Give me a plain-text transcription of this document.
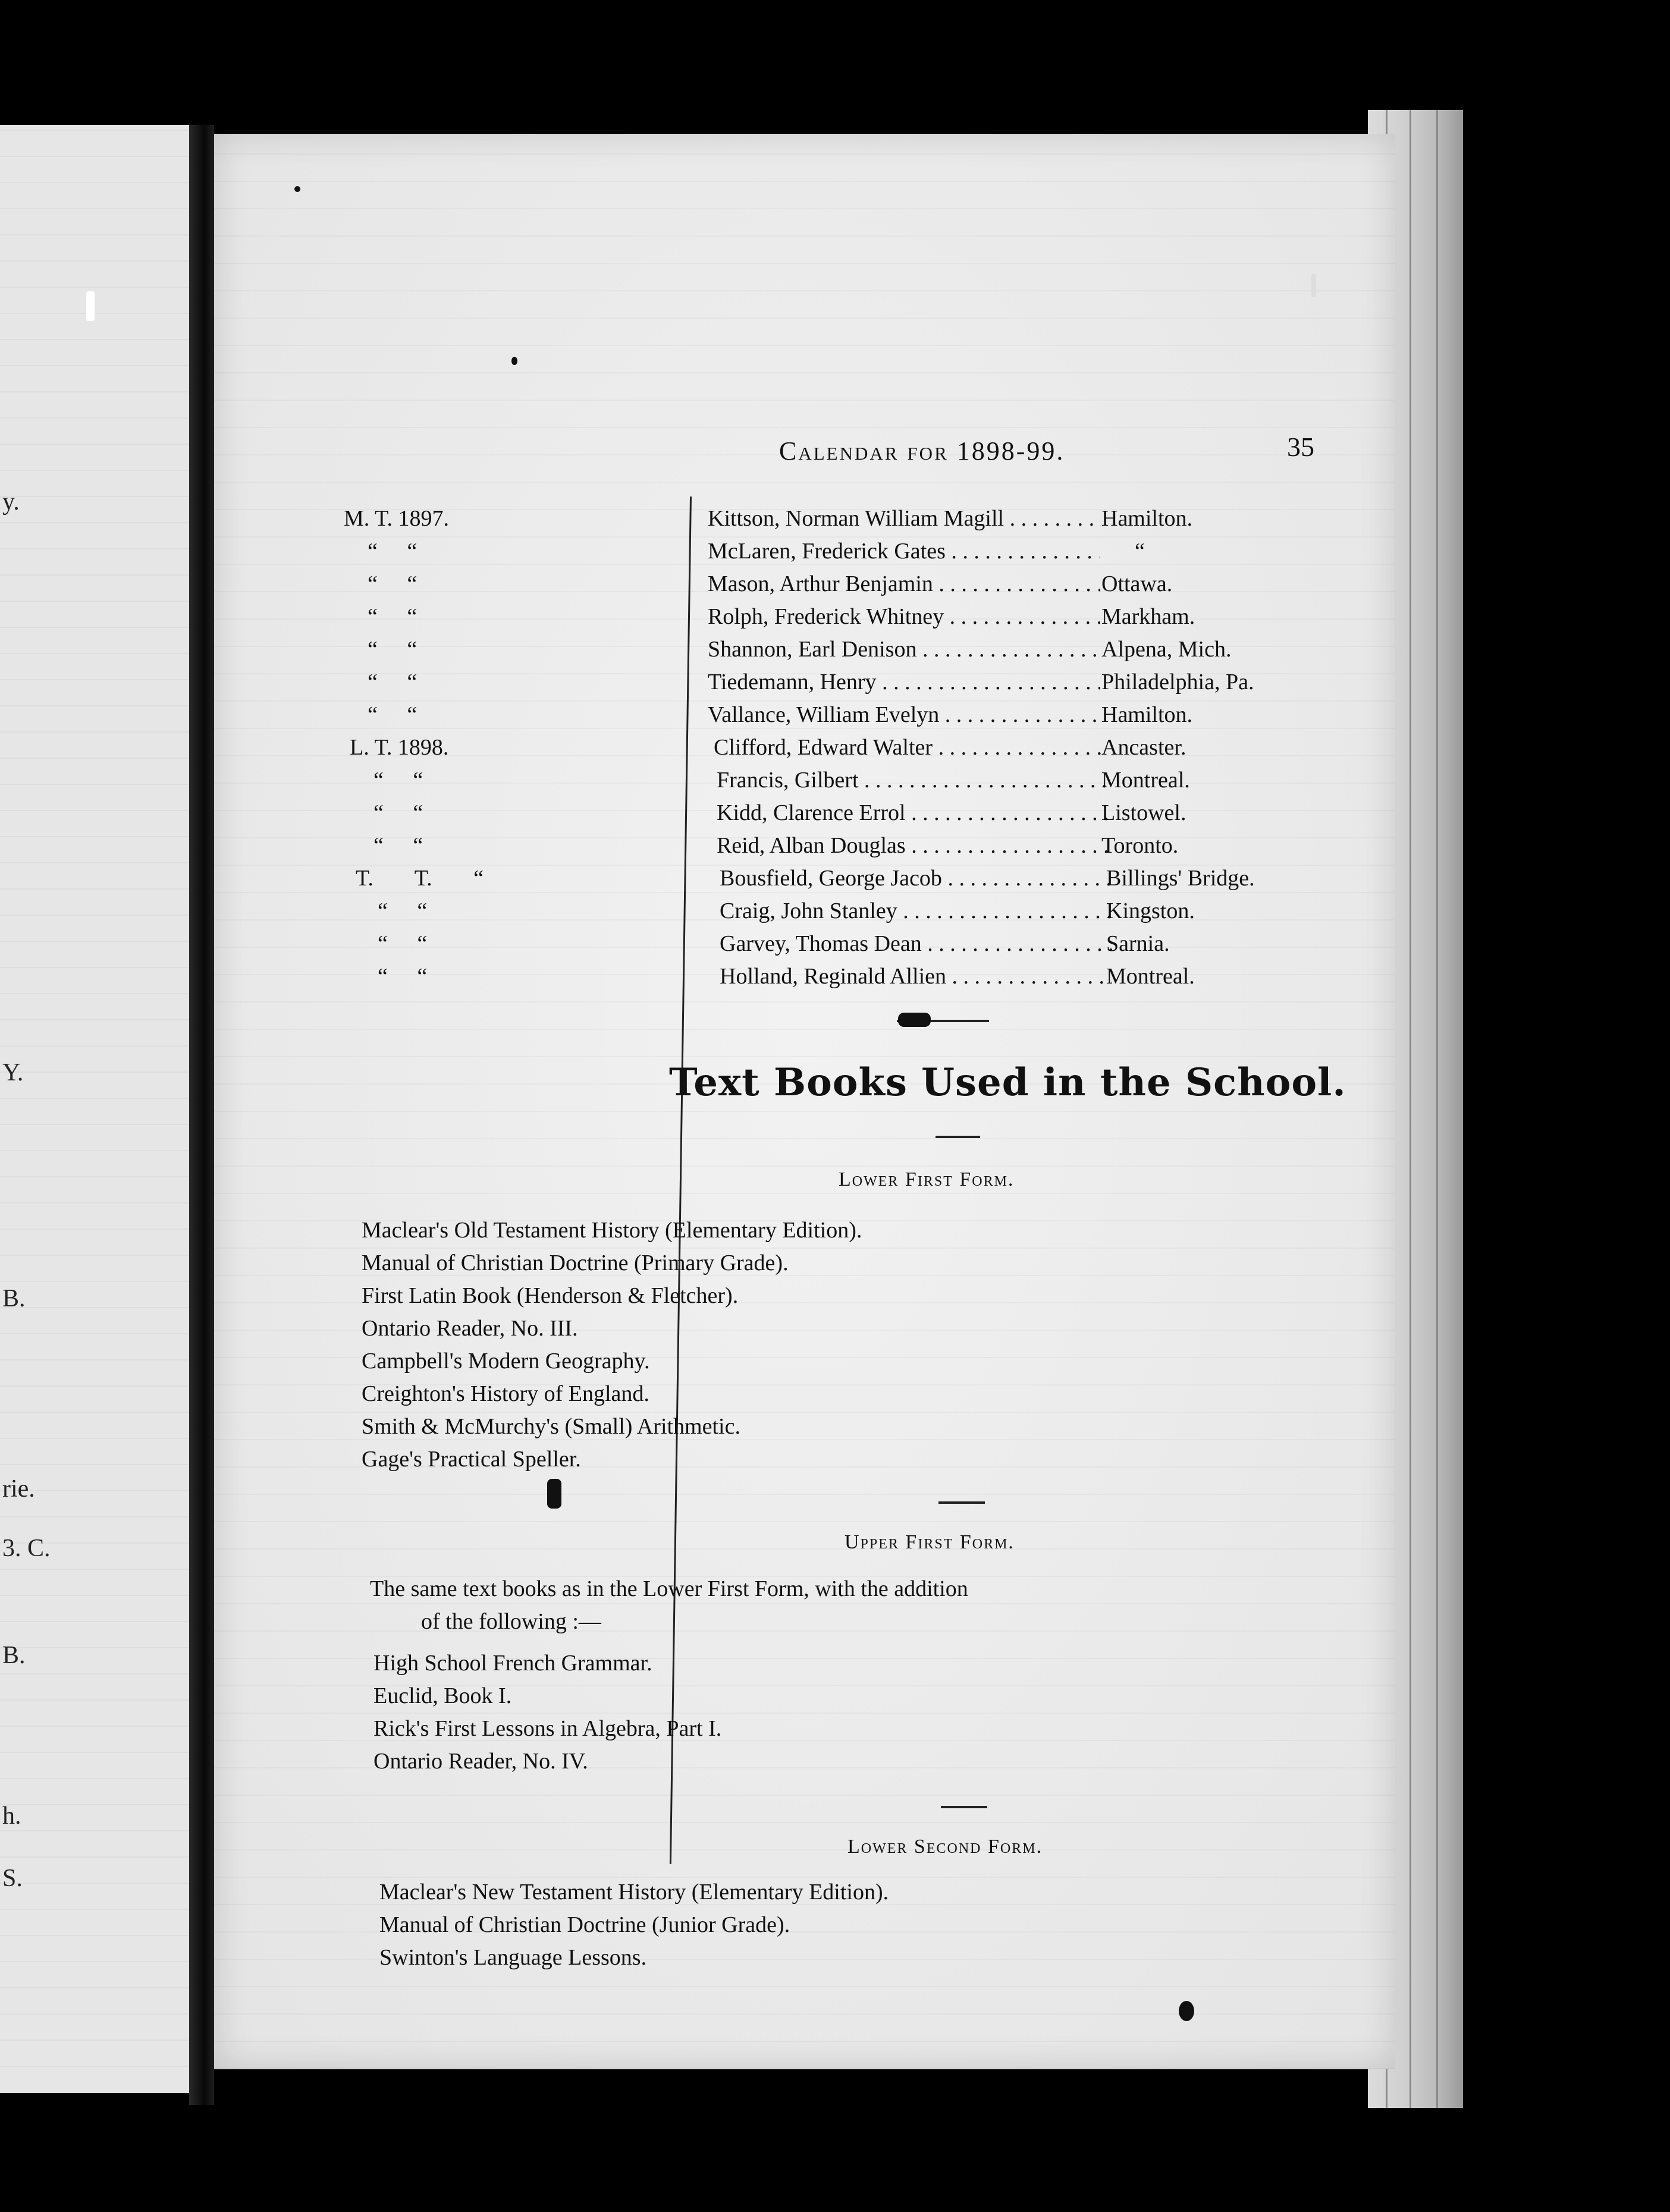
y.
Y.
B.
rie.
3. C.
B.
h.
S.
Calendar for 1898-99.	35
M. T. 1897.	Kittson, Norman William Magill . . .	Hamilton.
“ “	McLaren, Frederick Gates . . .	“
“ “	Mason, Arthur Benjamin . . .	Ottawa.
“ “	Rolph, Frederick Whitney . . .	Markham.
“ “	Shannon, Earl Denison . . .	Alpena, Mich.
“ “	Tiedemann, Henry . . .	Philadelphia, Pa.
“ “	Vallance, William Evelyn . . .	Hamilton.
L. T. 1898.	Clifford, Edward Walter . . .	Ancaster.
“ “	Francis, Gilbert . . .	Montreal.
“ “	Kidd, Clarence Errol . . .	Listowel.
“ “	Reid, Alban Douglas . . .	Toronto.
T. T. “	Bousfield, George Jacob . . .	Billings' Bridge.
“ “	Craig, John Stanley . . .	Kingston.
“ “	Garvey, Thomas Dean . . .	Sarnia.
“ “	Holland, Reginald Allien . . .	Montreal.
Text Books Used in the School.
Lower First Form.
Maclear's Old Testament History (Elementary Edition).
Manual of Christian Doctrine (Primary Grade).
First Latin Book (Henderson & Fletcher).
Ontario Reader, No. III.
Campbell's Modern Geography.
Creighton's History of England.
Smith & McMurchy's (Small) Arithmetic.
Gage's Practical Speller.
Upper First Form.
The same text books as in the Lower First Form, with the addition
of the following :—
High School French Grammar.
Euclid, Book I.
Rick's First Lessons in Algebra, Part I.
Ontario Reader, No. IV.
Lower Second Form.
Maclear's New Testament History (Elementary Edition).
Manual of Christian Doctrine (Junior Grade).
Swinton's Language Lessons.
